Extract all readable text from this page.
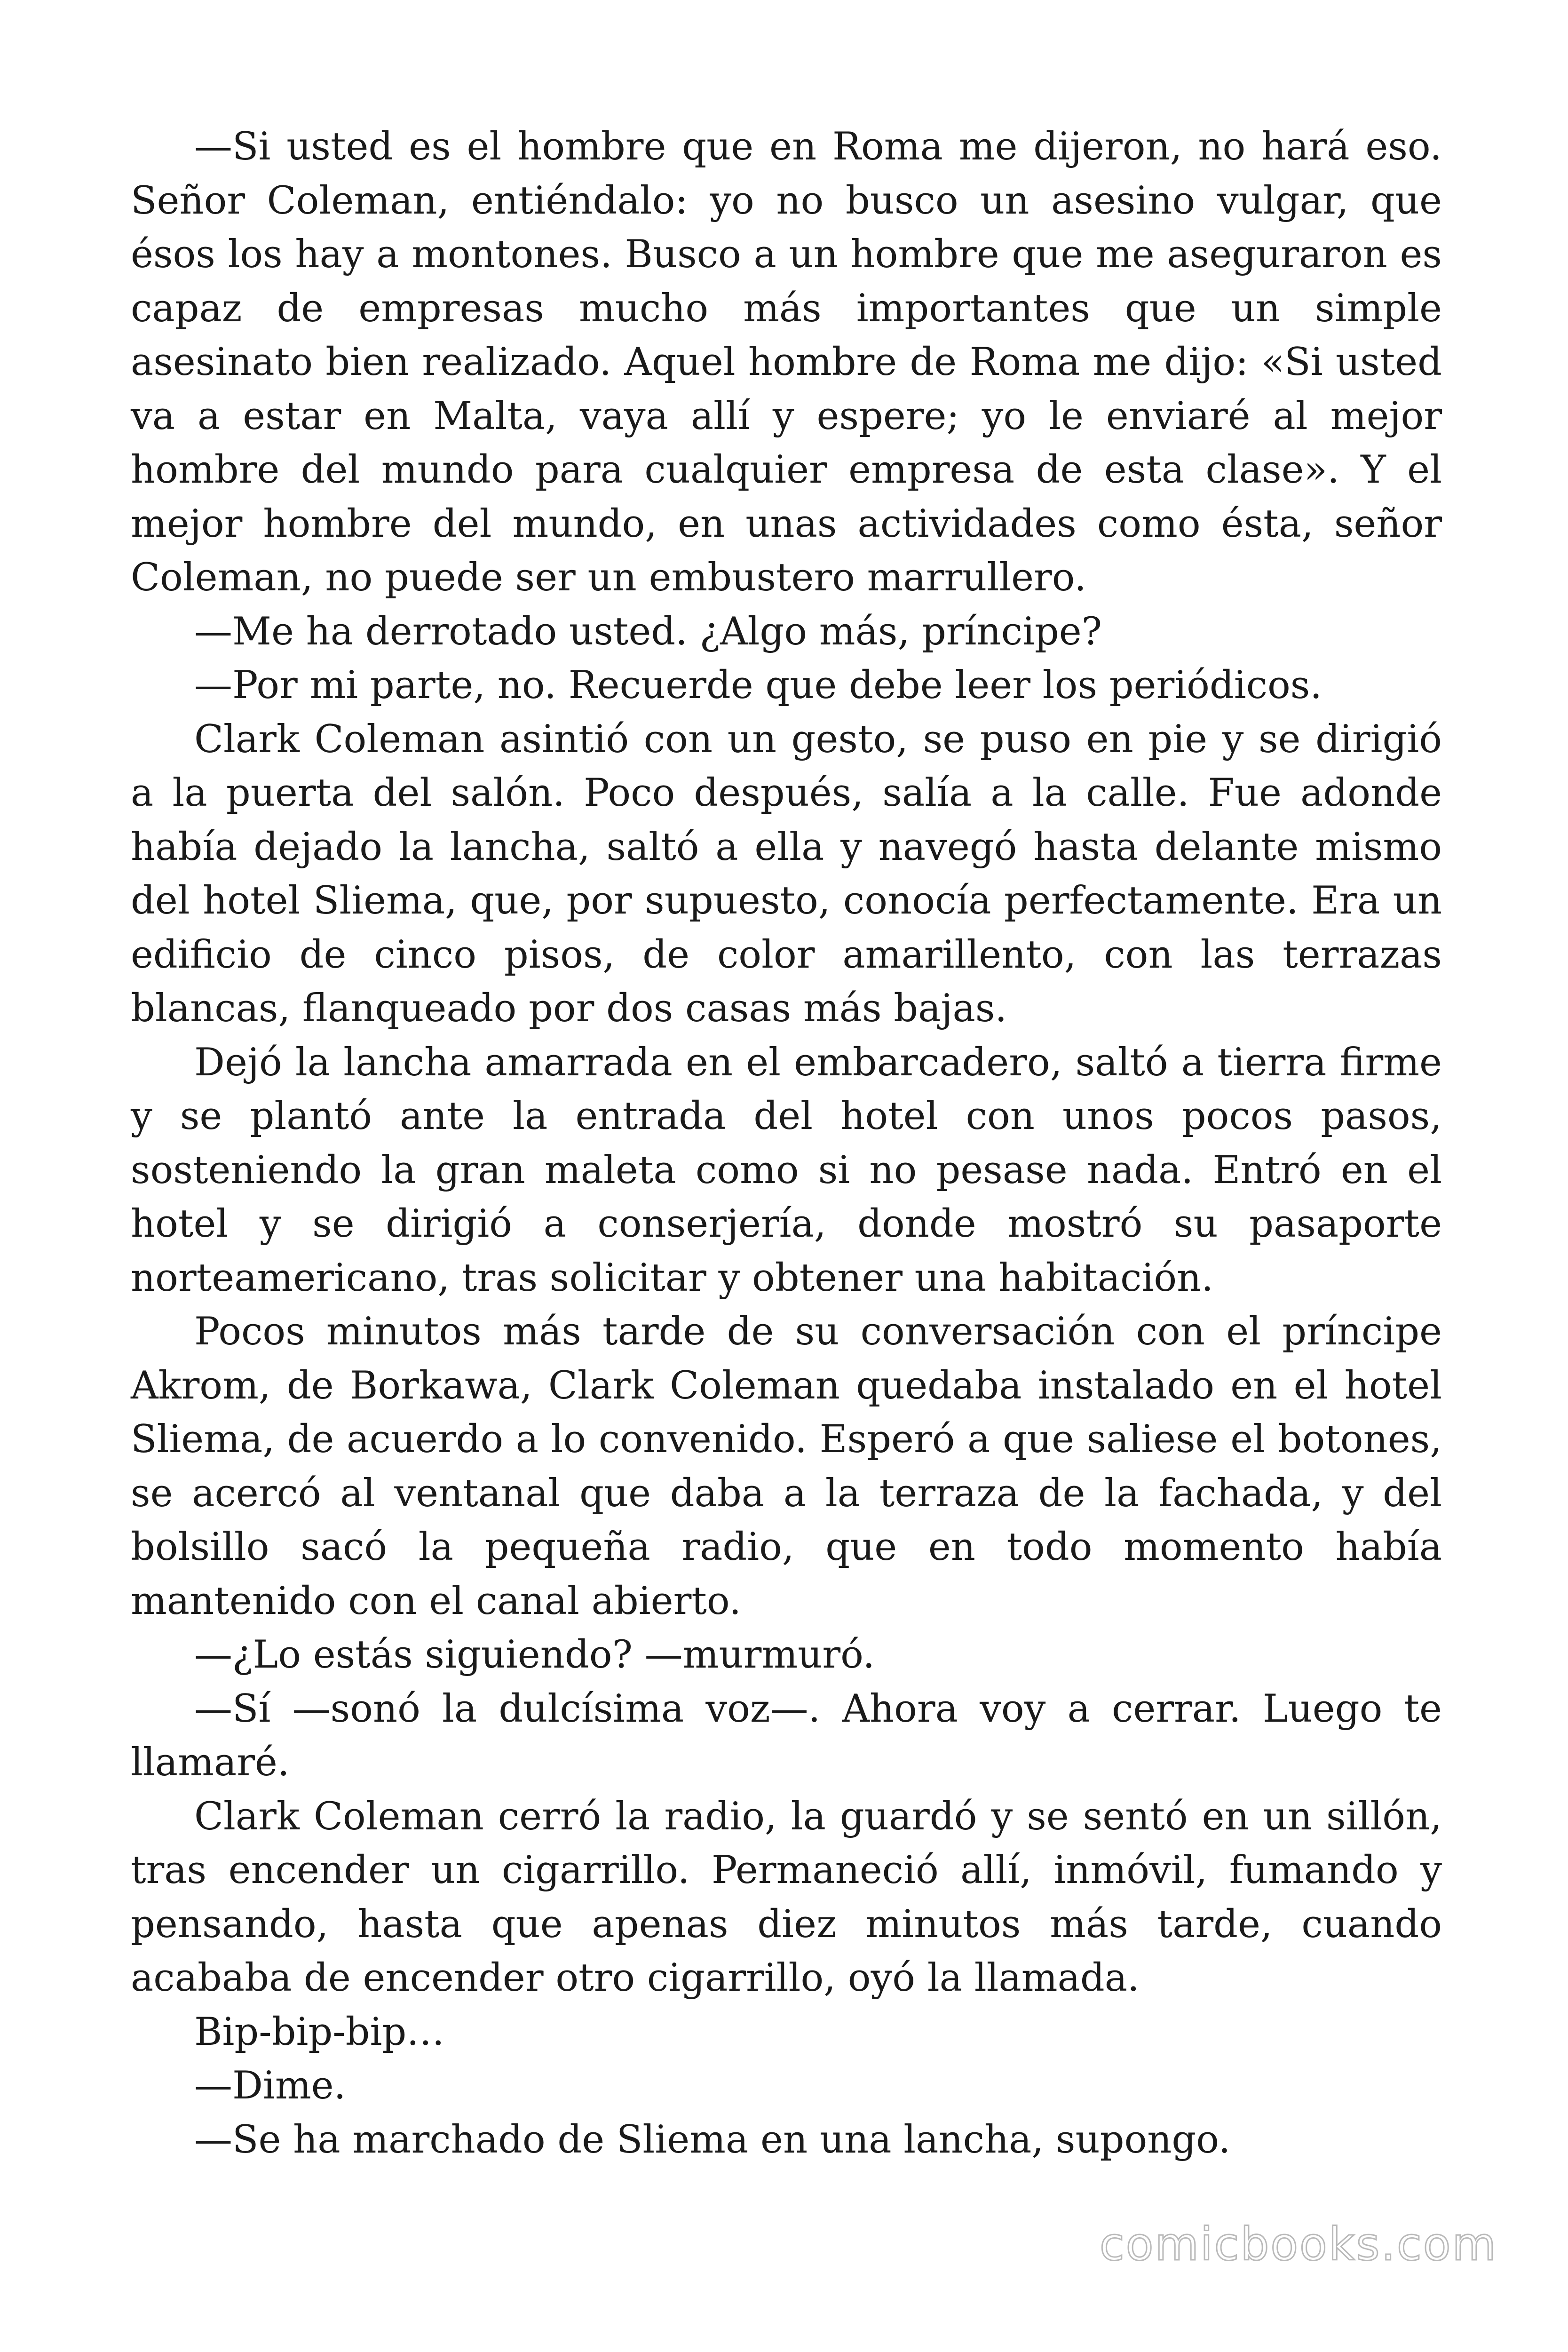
—Si usted es el hombre que en Roma me dijeron, no hará eso. Señor Coleman, entiéndalo: yo no busco un asesino vulgar, que ésos los hay a montones. Busco a un hombre que me aseguraron es capaz de empresas mucho más importantes que un simple asesinato bien realizado. Aquel hombre de Roma me dijo: «Si usted va a estar en Malta, vaya allí y espere; yo le enviaré al mejor hombre del mundo para cualquier empresa de esta clase». Y el mejor hombre del mundo, en unas actividades como ésta, señor Coleman, no puede ser un embustero marrullero.

—Me ha derrotado usted. ¿Algo más, príncipe?

—Por mi parte, no. Recuerde que debe leer los periódicos.

Clark Coleman asintió con un gesto, se puso en pie y se dirigió a la puerta del salón. Poco después, salía a la calle. Fue adonde había dejado la lancha, saltó a ella y navegó hasta delante mismo del hotel Sliema, que, por supuesto, conocía perfectamente. Era un edificio de cinco pisos, de color amarillento, con las terrazas blancas, flanqueado por dos casas más bajas.

Dejó la lancha amarrada en el embarcadero, saltó a tierra firme y se plantó ante la entrada del hotel con unos pocos pasos, sosteniendo la gran maleta como si no pesase nada. Entró en el hotel y se dirigió a conserjería, donde mostró su pasaporte norteamericano, tras solicitar y obtener una habitación.

Pocos minutos más tarde de su conversación con el príncipe Akrom, de Borkawa, Clark Coleman quedaba instalado en el hotel Sliema, de acuerdo a lo convenido. Esperó a que saliese el botones, se acercó al ventanal que daba a la terraza de la fachada, y del bolsillo sacó la pequeña radio, que en todo momento había mantenido con el canal abierto.

—¿Lo estás siguiendo? —murmuró.

—Sí —sonó la dulcísima voz—. Ahora voy a cerrar. Luego te llamaré.

Clark Coleman cerró la radio, la guardó y se sentó en un sillón, tras encender un cigarrillo. Permaneció allí, inmóvil, fumando y pensando, hasta que apenas diez minutos más tarde, cuando acababa de encender otro cigarrillo, oyó la llamada.

Bip-bip-bip…

—Dime.

—Se ha marchado de Sliema en una lancha, supongo.

comicbooks.com
